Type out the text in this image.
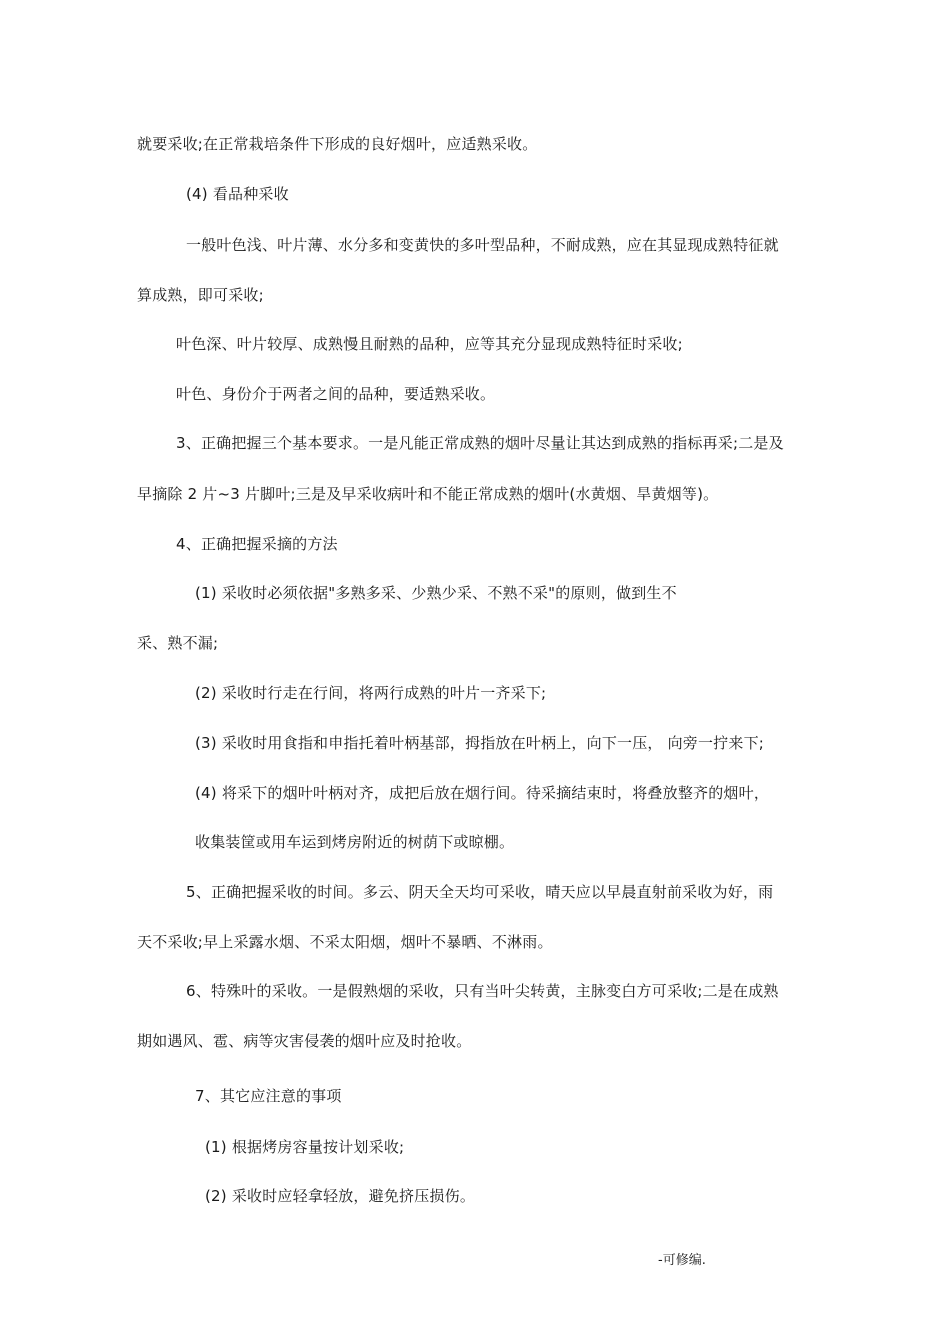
就要采收;在正常栽培条件下形成的良好烟叶，应适熟采收。
(4) 看品种采收
一般叶色浅、叶片薄、水分多和变黄快的多叶型品种，不耐成熟，应在其显现成熟特征就
算成熟，即可采收;
叶色深、叶片较厚、成熟慢且耐熟的品种，应等其充分显现成熟特征时采收;
叶色、身份介于两者之间的品种，要适熟采收。
3、正确把握三个基本要求。一是凡能正常成熟的烟叶尽量让其达到成熟的指标再采;二是及
早摘除 2 片~3 片脚叶;三是及早采收病叶和不能正常成熟的烟叶(水黄烟、旱黄烟等)。
4、正确把握采摘的方法
(1) 采收时必须依据"多熟多采、少熟少采、不熟不采"的原则，做到生不
采、熟不漏;
(2) 采收时行走在行间，将两行成熟的叶片一齐采下;
(3) 采收时用食指和申指托着叶柄基部，拇指放在叶柄上，向下一压， 向旁一拧来下;
(4) 将采下的烟叶叶柄对齐，成把后放在烟行间。待采摘结束时，将叠放整齐的烟叶，
收集装筐或用车运到烤房附近的树荫下或晾棚。
5、正确把握采收的时间。多云、阴天全天均可采收，晴天应以早晨直射前采收为好，雨
天不采收;早上采露水烟、不采太阳烟，烟叶不暴晒、不淋雨。
6、特殊叶的采收。一是假熟烟的采收，只有当叶尖转黄，主脉变白方可采收;二是在成熟
期如遇风、雹、病等灾害侵袭的烟叶应及时抢收。
7、其它应注意的事项
(1) 根据烤房容量按计划采收;
(2) 采收时应轻拿轻放，避免挤压损伤。
-可修编.
